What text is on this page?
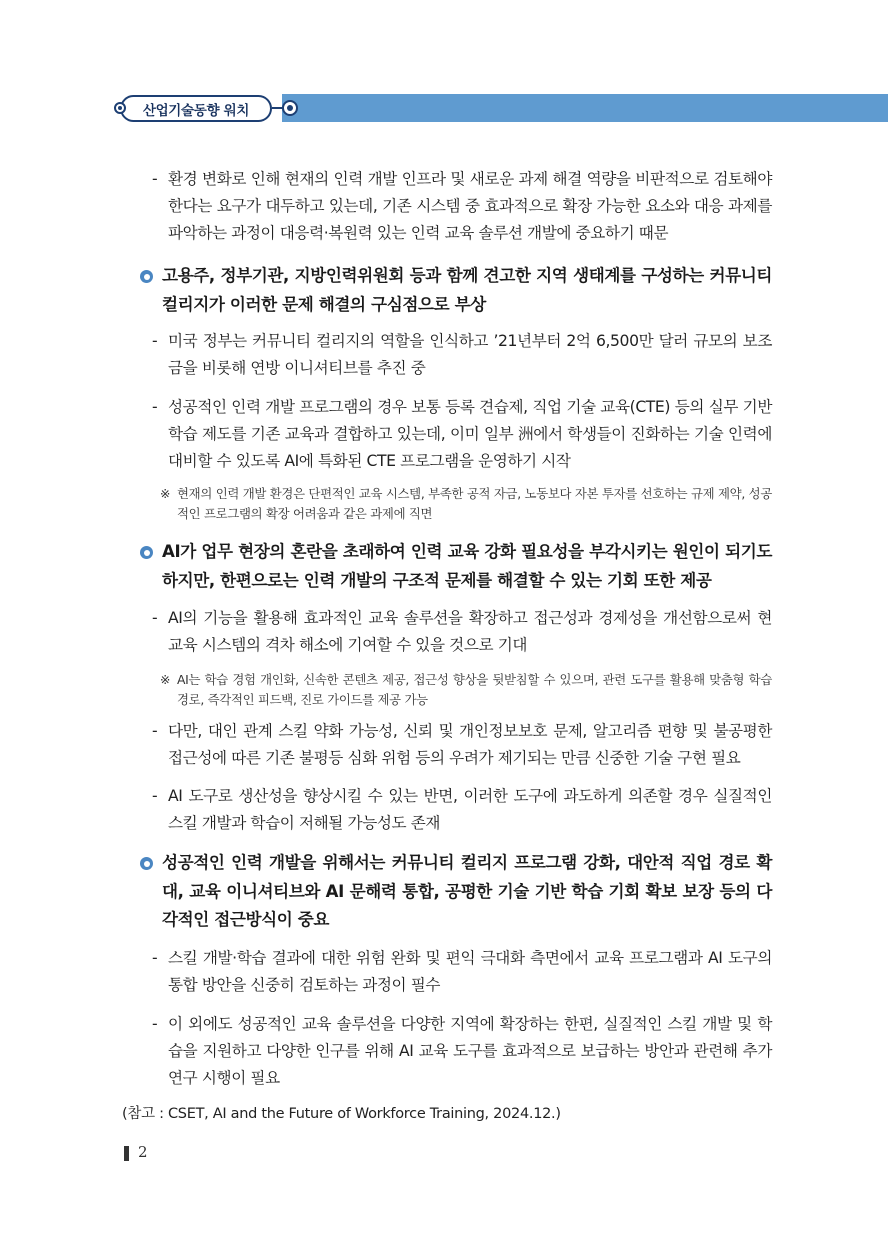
산업기술동향 워치
- 환경 변화로 인해 현재의 인력 개발 인프라 및 새로운 과제 해결 역량을 비판적으로 검토해야 한다는 요구가 대두하고 있는데, 기존 시스템 중 효과적으로 확장 가능한 요소와 대응 과제를 파악하는 과정이 대응력·복원력 있는 인력 교육 솔루션 개발에 중요하기 때문
고용주, 정부기관, 지방인력위원회 등과 함께 견고한 지역 생태계를 구성하는 커뮤니티 컬리지가 이러한 문제 해결의 구심점으로 부상
- 미국 정부는 커뮤니티 컬리지의 역할을 인식하고 ’21년부터 2억 6,500만 달러 규모의 보조금을 비롯해 연방 이니셔티브를 추진 중
- 성공적인 인력 개발 프로그램의 경우 보통 등록 견습제, 직업 기술 교육(CTE) 등의 실무 기반 학습 제도를 기존 교육과 결합하고 있는데, 이미 일부 洲에서 학생들이 진화하는 기술 인력에 대비할 수 있도록 AI에 특화된 CTE 프로그램을 운영하기 시작
※ 현재의 인력 개발 환경은 단편적인 교육 시스템, 부족한 공적 자금, 노동보다 자본 투자를 선호하는 규제 제약, 성공적인 프로그램의 확장 어려움과 같은 과제에 직면
AI가 업무 현장의 혼란을 초래하여 인력 교육 강화 필요성을 부각시키는 원인이 되기도 하지만, 한편으로는 인력 개발의 구조적 문제를 해결할 수 있는 기회 또한 제공
- AI의 기능을 활용해 효과적인 교육 솔루션을 확장하고 접근성과 경제성을 개선함으로써 현 교육 시스템의 격차 해소에 기여할 수 있을 것으로 기대
※ AI는 학습 경험 개인화, 신속한 콘텐츠 제공, 접근성 향상을 뒷받침할 수 있으며, 관련 도구를 활용해 맞춤형 학습 경로, 즉각적인 피드백, 진로 가이드를 제공 가능
- 다만, 대인 관계 스킬 약화 가능성, 신뢰 및 개인정보보호 문제, 알고리즘 편향 및 불공평한 접근성에 따른 기존 불평등 심화 위험 등의 우려가 제기되는 만큼 신중한 기술 구현 필요
- AI 도구로 생산성을 향상시킬 수 있는 반면, 이러한 도구에 과도하게 의존할 경우 실질적인 스킬 개발과 학습이 저해될 가능성도 존재
성공적인 인력 개발을 위해서는 커뮤니티 컬리지 프로그램 강화, 대안적 직업 경로 확대, 교육 이니셔티브와 AI 문해력 통합, 공평한 기술 기반 학습 기회 확보 보장 등의 다각적인 접근방식이 중요
- 스킬 개발·학습 결과에 대한 위험 완화 및 편익 극대화 측면에서 교육 프로그램과 AI 도구의 통합 방안을 신중히 검토하는 과정이 필수
- 이 외에도 성공적인 교육 솔루션을 다양한 지역에 확장하는 한편, 실질적인 스킬 개발 및 학습을 지원하고 다양한 인구를 위해 AI 교육 도구를 효과적으로 보급하는 방안과 관련해 추가 연구 시행이 필요
(참고 : CSET, AI and the Future of Workforce Training, 2024.12.)
2
